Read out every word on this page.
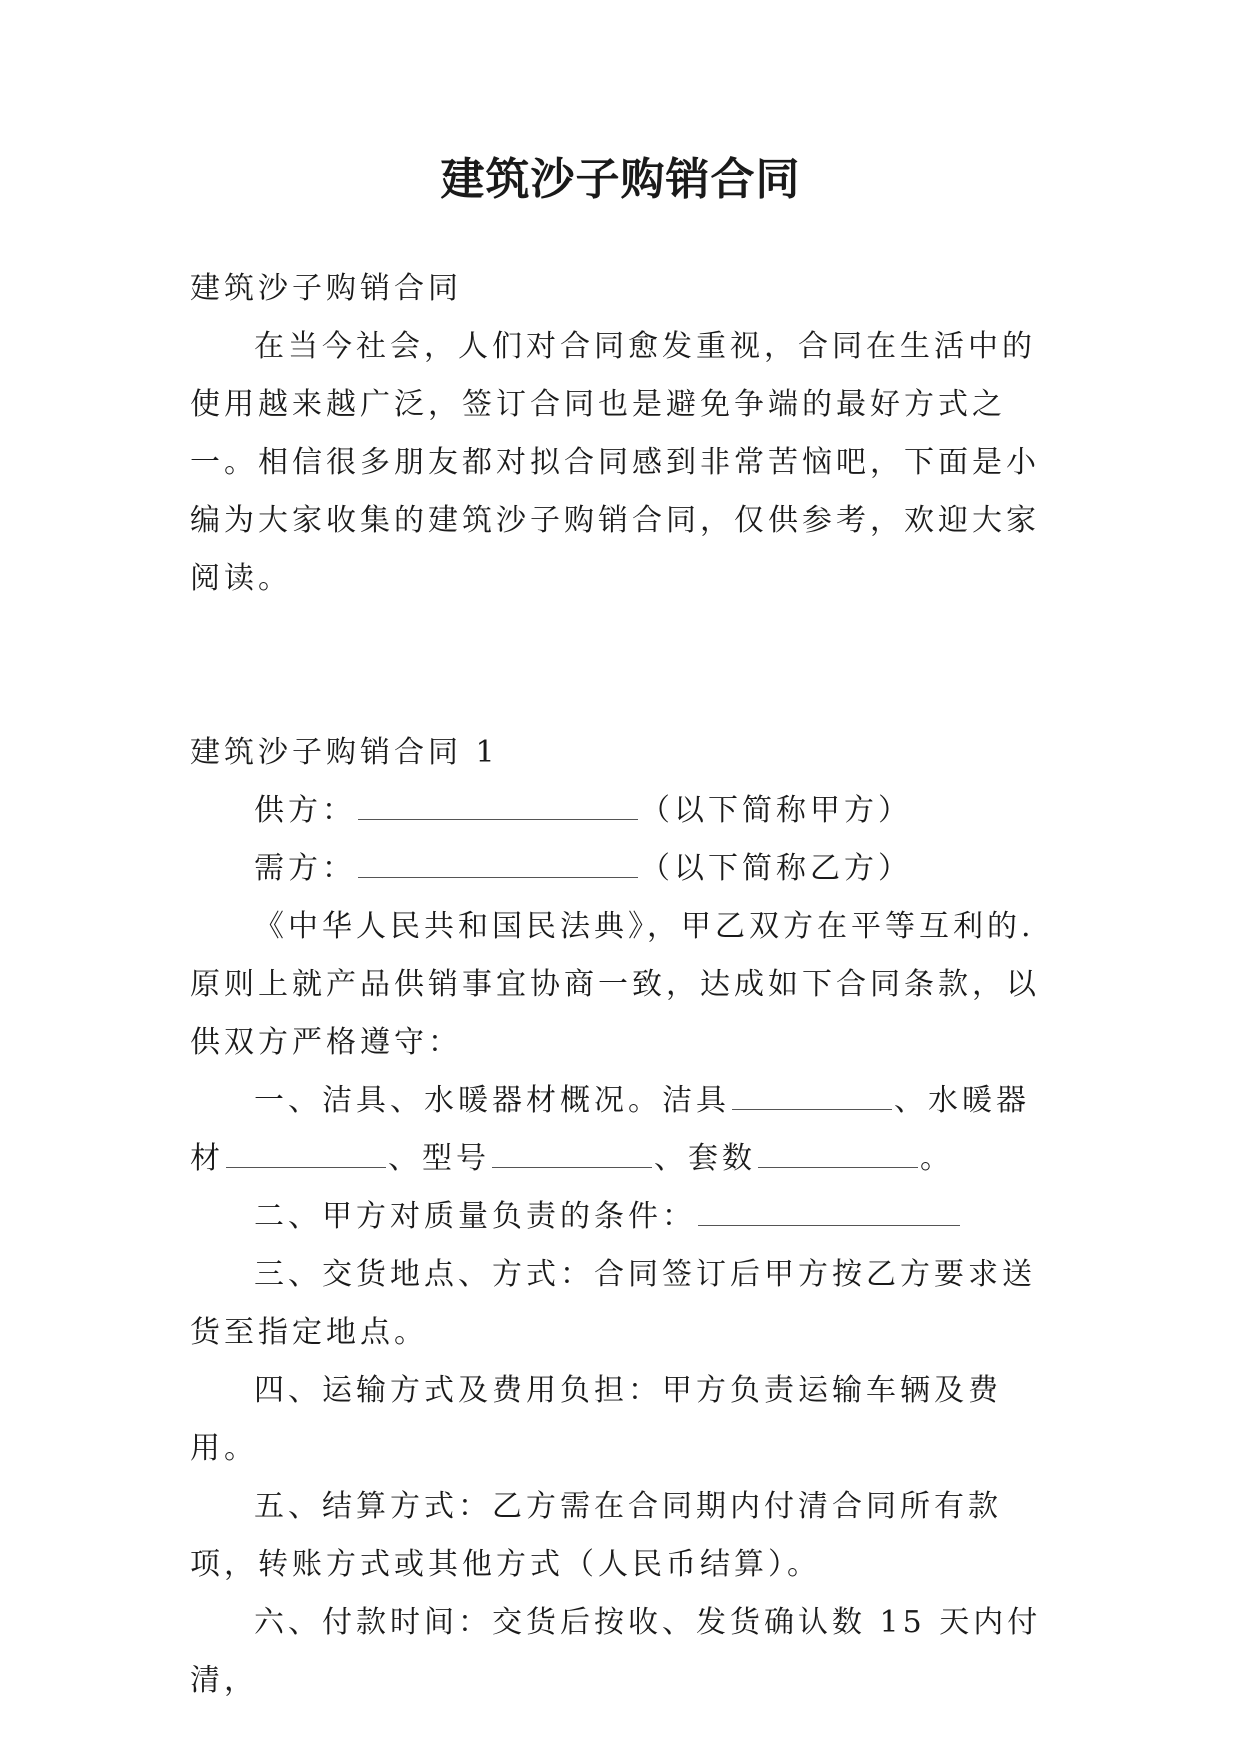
建筑沙子购销合同

建筑沙子购销合同

在当今社会，人们对合同愈发重视，合同在生活中的使用越来越广泛，签订合同也是避免争端的最好方式之一。相信很多朋友都对拟合同感到非常苦恼吧，下面是小编为大家收集的建筑沙子购销合同，仅供参考，欢迎大家阅读。

建筑沙子购销合同 1

供方：	（以下简称甲方）

需方：	（以下简称乙方）

《中华人民共和国民法典》，甲乙双方在平等互利的.原则上就产品供销事宜协商一致，达成如下合同条款，以供双方严格遵守：

一、洁具、水暖器材概况。洁具	、水暖器材	、型号	、套数	。

二、甲方对质量负责的条件：

三、交货地点、方式：合同签订后甲方按乙方要求送货至指定地点。

四、运输方式及费用负担：甲方负责运输车辆及费用。

五、结算方式：乙方需在合同期内付清合同所有款项，转账方式或其他方式（人民币结算）。

六、付款时间：交货后按收、发货确认数 15 天内付清，
